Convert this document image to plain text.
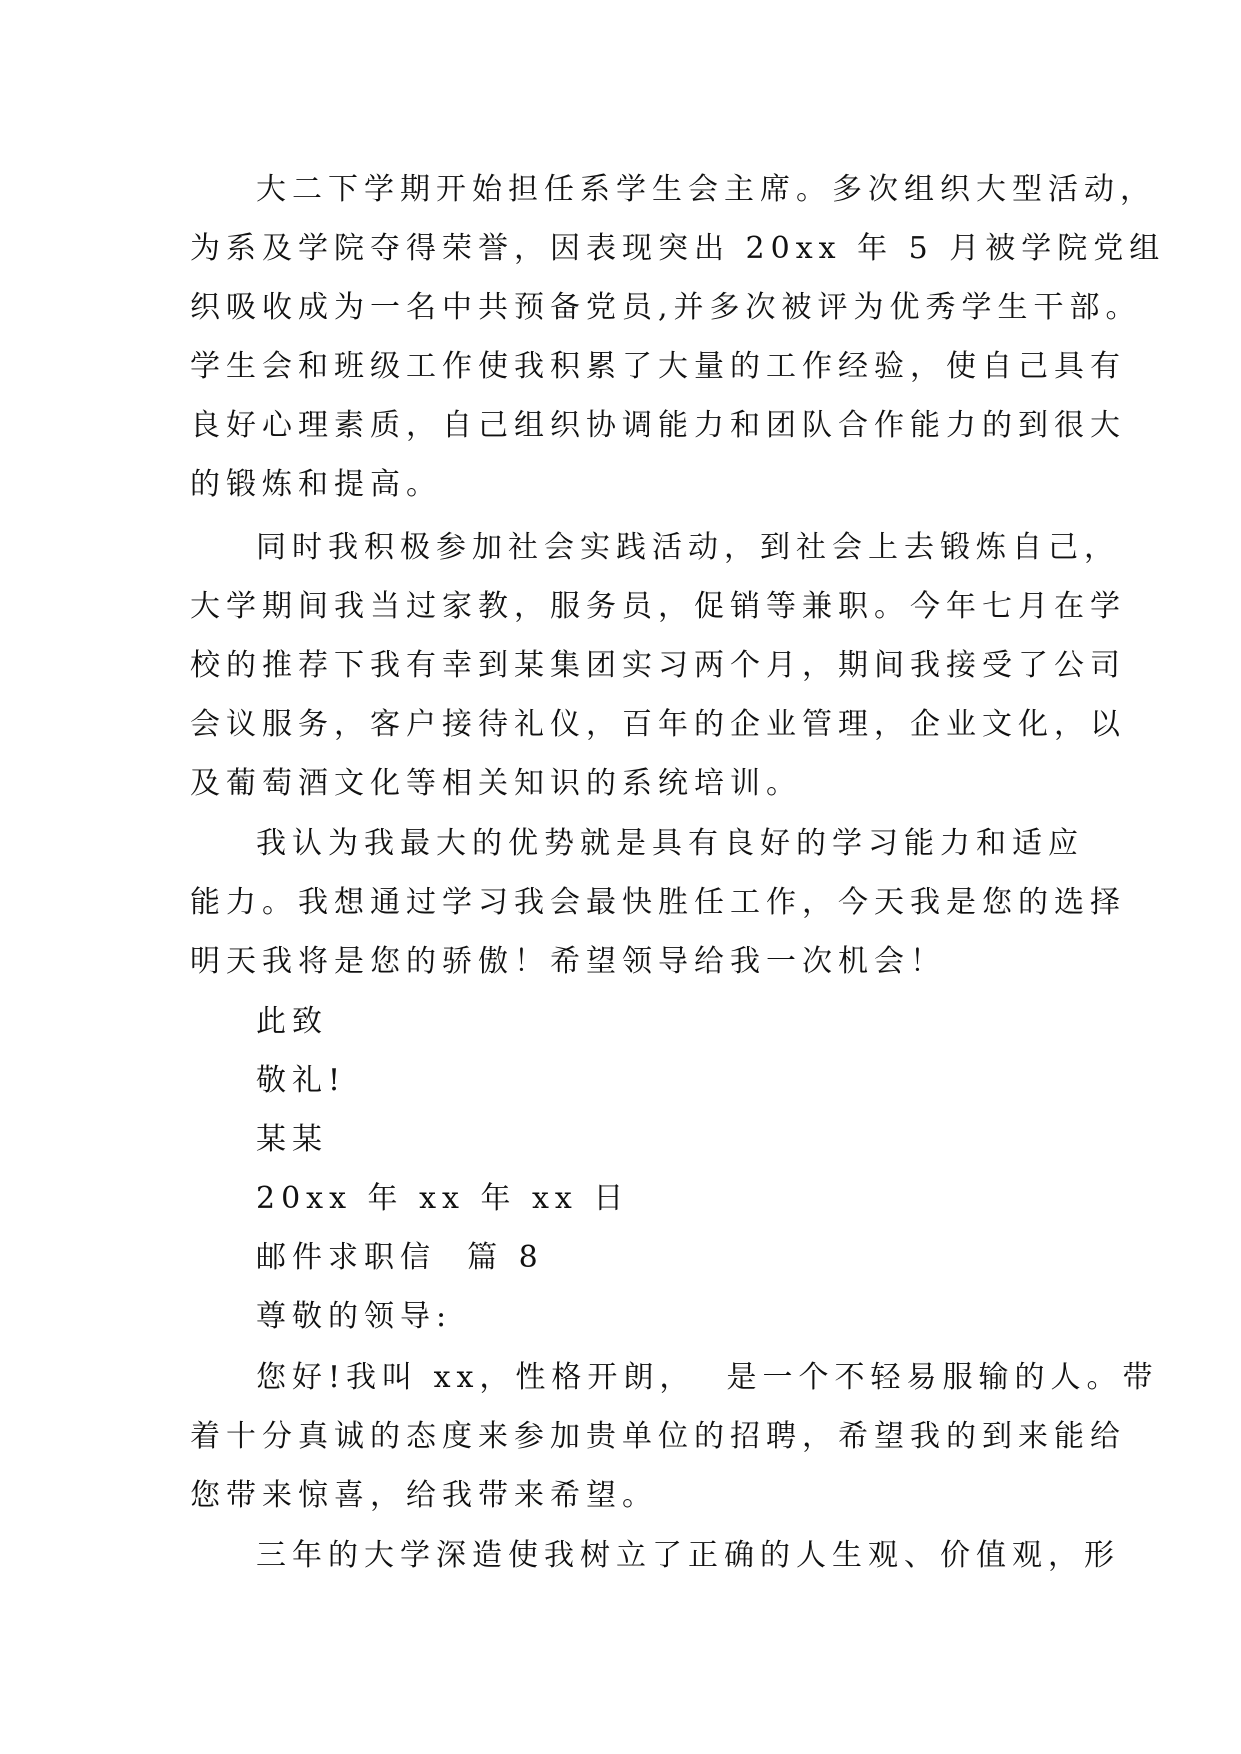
大二下学期开始担任系学生会主席。多次组织大型活动，

为系及学院夺得荣誉，因表现突出 20xx 年 5 月被学院党组

织吸收成为一名中共预备党员,并多次被评为优秀学生干部。

学生会和班级工作使我积累了大量的工作经验，使自己具有

良好心理素质，自己组织协调能力和团队合作能力的到很大

的锻炼和提高。

同时我积极参加社会实践活动，到社会上去锻炼自己，

大学期间我当过家教，服务员，促销等兼职。今年七月在学

校的推荐下我有幸到某集团实习两个月，期间我接受了公司

会议服务，客户接待礼仪，百年的企业管理，企业文化，以

及葡萄酒文化等相关知识的系统培训。

我认为我最大的优势就是具有良好的学习能力和适应

能力。我想通过学习我会最快胜任工作，今天我是您的选择

明天我将是您的骄傲！希望领导给我一次机会！

此致

敬礼!

某某

20xx 年 xx 年 xx 日

邮件求职信  篇 8

尊敬的领导:

您好!我叫 xx，性格开朗，  是一个不轻易服输的人。带

着十分真诚的态度来参加贵单位的招聘，希望我的到来能给

您带来惊喜，给我带来希望。

三年的大学深造使我树立了正确的人生观、价值观，形
